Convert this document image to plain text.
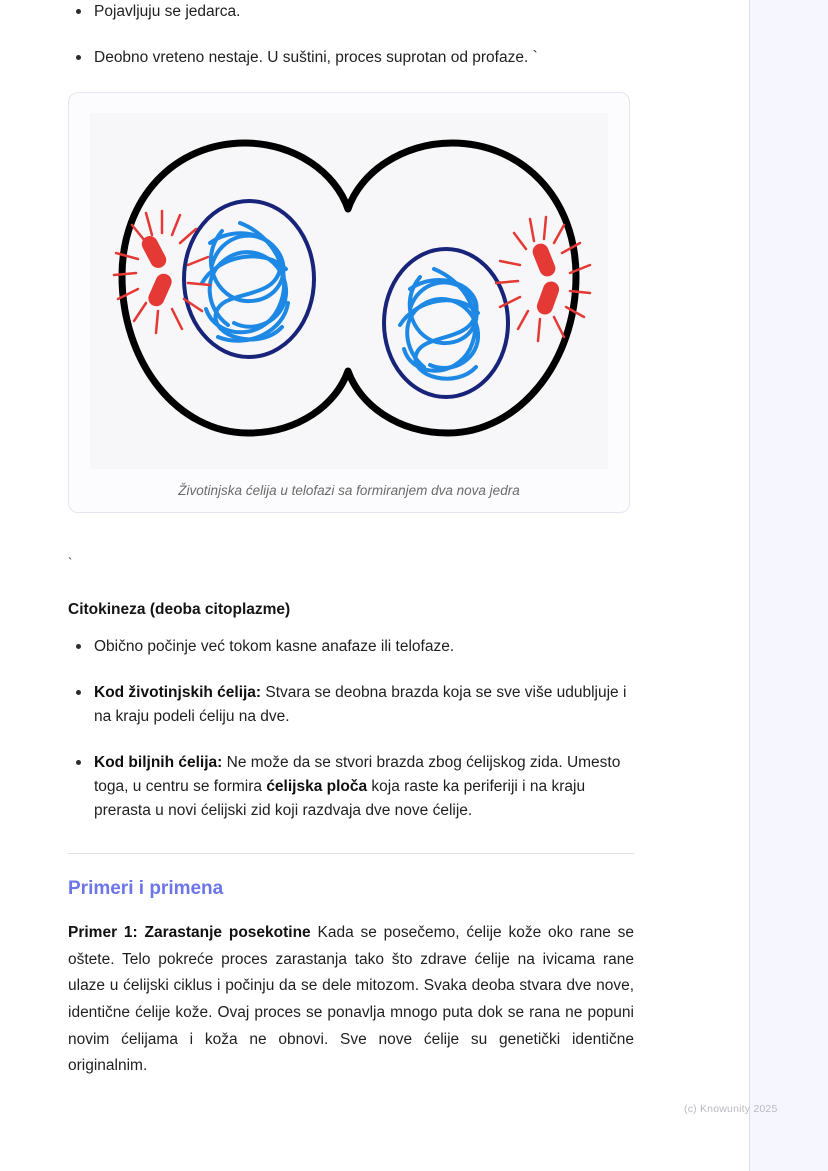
Pojavljuju se jedarca.
Deobno vreteno nestaje. U suštini, proces suprotan od profaze. `
Životinjska ćelija u telofazi sa formiranjem dva nova jedra
`
Citokineza (deoba citoplazme)
Obično počinje već tokom kasne anafaze ili telofaze.
Kod životinjskih ćelija: Stvara se deobna brazda koja se sve više udubljuje i na kraju podeli ćeliju na dve.
Kod biljnih ćelija: Ne može da se stvori brazda zbog ćelijskog zida. Umesto toga, u centru se formira ćelijska ploča koja raste ka periferiji i na kraju prerasta u novi ćelijski zid koji razdvaja dve nove ćelije.
Primeri i primena

Primer 1: Zarastanje posekotine Kada se posečemo, ćelije kože oko rane se oštete. Telo pokreće proces zarastanja tako što zdrave ćelije na ivicama rane ulaze u ćelijski ciklus i počinju da se dele mitozom. Svaka deoba stvara dve nove, identične ćelije kože. Ovaj proces se ponavlja mnogo puta dok se rana ne popuni novim ćelijama i koža ne obnovi. Sve nove ćelije su genetički identične originalnim.

(c) Knowunity 2025
